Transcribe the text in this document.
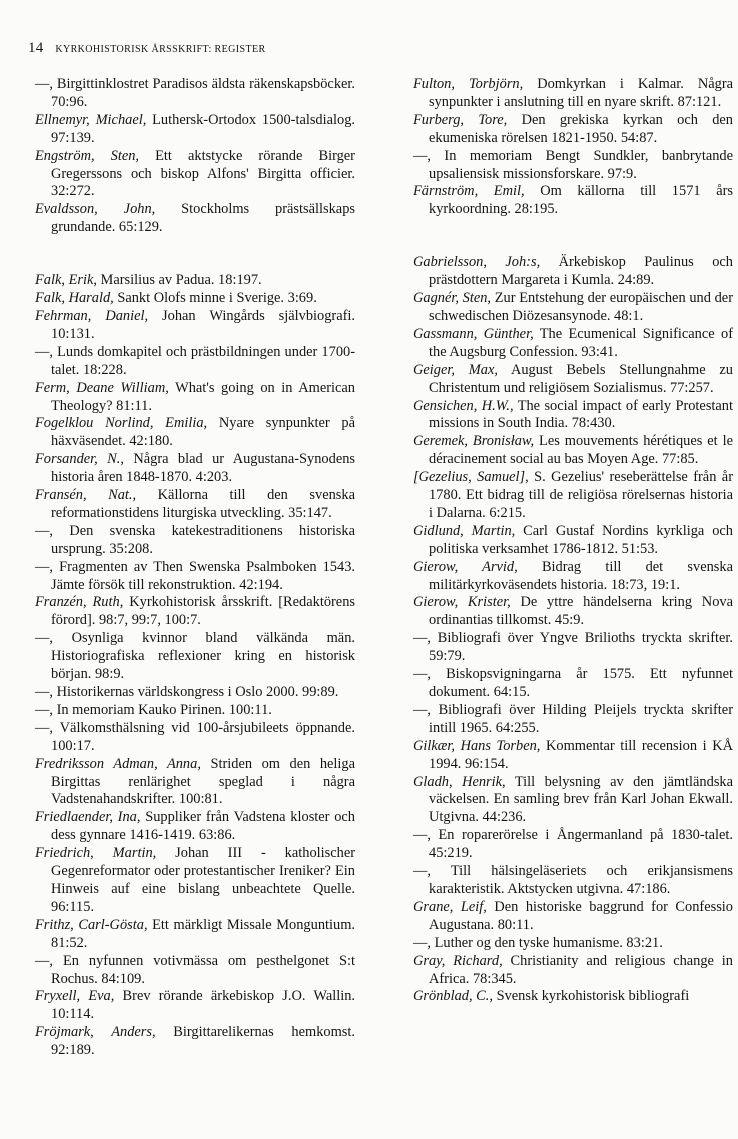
14 KYRKOHISTORISK ÅRSSKRIFT: REGISTER

—, Birgittinklostret Paradisos äldsta räkenskapsböcker. 70:96.

Ellnemyr, Michael, Luthersk-Ortodox 1500-talsdialog. 97:139.

Engström, Sten, Ett aktstycke rörande Birger Gregerssons och biskop Alfons' Birgitta officier. 32:272.

Evaldsson, John, Stockholms prästsällskaps grundande. 65:129.

Falk, Erik, Marsilius av Padua. 18:197.

Falk, Harald, Sankt Olofs minne i Sverige. 3:69.

Fehrman, Daniel, Johan Wingårds självbiografi. 10:131.

—, Lunds domkapitel och prästbildningen under 1700-talet. 18:228.

Ferm, Deane William, What's going on in American Theology? 81:11.

Fogelklou Norlind, Emilia, Nyare synpunkter på häxväsendet. 42:180.

Forsander, N., Några blad ur Augustana-Synodens historia åren 1848-1870. 4:203.

Fransén, Nat., Källorna till den svenska reformationstidens liturgiska utveckling. 35:147.

—, Den svenska katekestraditionens historiska ursprung. 35:208.

—, Fragmenten av Then Swenska Psalmboken 1543. Jämte försök till rekonstruktion. 42:194.

Franzén, Ruth, Kyrkohistorisk årsskrift. [Redaktörens förord]. 98:7, 99:7, 100:7.

—, Osynliga kvinnor bland välkända män. Historiografiska reflexioner kring en historisk början. 98:9.

—, Historikernas världskongress i Oslo 2000. 99:89.

—, In memoriam Kauko Pirinen. 100:11.

—, Välkomsthälsning vid 100-årsjubileets öppnande. 100:17.

Fredriksson Adman, Anna, Striden om den heliga Birgittas renlärighet speglad i några Vadstenahandskrifter. 100:81.

Friedlaender, Ina, Suppliker från Vadstena kloster och dess gynnare 1416-1419. 63:86.

Friedrich, Martin, Johan III - katholischer Gegenreformator oder protestantischer Ireniker? Ein Hinweis auf eine bislang unbeachtete Quelle. 96:115.

Frithz, Carl-Gösta, Ett märkligt Missale Monguntium. 81:52.

—, En nyfunnen votivmässa om pesthelgonet S:t Rochus. 84:109.

Fryxell, Eva, Brev rörande ärkebiskop J.O. Wallin. 10:114.

Fröjmark, Anders, Birgittarelikernas hemkomst. 92:189.

Fulton, Torbjörn, Domkyrkan i Kalmar. Några synpunkter i anslutning till en nyare skrift. 87:121.

Furberg, Tore, Den grekiska kyrkan och den ekumeniska rörelsen 1821-1950. 54:87.

—, In memoriam Bengt Sundkler, banbrytande upsaliensisk missionsforskare. 97:9.

Färnström, Emil, Om källorna till 1571 års kyrkoordning. 28:195.

Gabrielsson, Joh:s, Ärkebiskop Paulinus och prästdottern Margareta i Kumla. 24:89.

Gagnér, Sten, Zur Entstehung der europäischen und der schwedischen Diözesansynode. 48:1.

Gassmann, Günther, The Ecumenical Significance of the Augsburg Confession. 93:41.

Geiger, Max, August Bebels Stellungnahme zu Christentum und religiösem Sozialismus. 77:257.

Gensichen, H.W., The social impact of early Protestant missions in South India. 78:430.

Geremek, Bronisław, Les mouvements hérétiques et le déracinement social au bas Moyen Age. 77:85.

[Gezelius, Samuel], S. Gezelius' reseberättelse från år 1780. Ett bidrag till de religiösa rörelsernas historia i Dalarna. 6:215.

Gidlund, Martin, Carl Gustaf Nordins kyrkliga och politiska verksamhet 1786-1812. 51:53.

Gierow, Arvid, Bidrag till det svenska militärkyrkoväsendets historia. 18:73, 19:1.

Gierow, Krister, De yttre händelserna kring Nova ordinantias tillkomst. 45:9.

—, Bibliografi över Yngve Brilioths tryckta skrifter. 59:79.

—, Biskopsvigningarna år 1575. Ett nyfunnet dokument. 64:15.

—, Bibliografi över Hilding Pleijels tryckta skrifter intill 1965. 64:255.

Gilkær, Hans Torben, Kommentar till recension i KÅ 1994. 96:154.

Gladh, Henrik, Till belysning av den jämtländska väckelsen. En samling brev från Karl Johan Ekwall. Utgivna. 44:236.

—, En roparerörelse i Ångermanland på 1830-talet. 45:219.

—, Till hälsingeläseriets och erikjansismens karakteristik. Aktstycken utgivna. 47:186.

Grane, Leif, Den historiske baggrund for Confessio Augustana. 80:11.

—, Luther og den tyske humanisme. 83:21.

Gray, Richard, Christianity and religious change in Africa. 78:345.

Grönblad, C., Svensk kyrkohistorisk bibliografi
